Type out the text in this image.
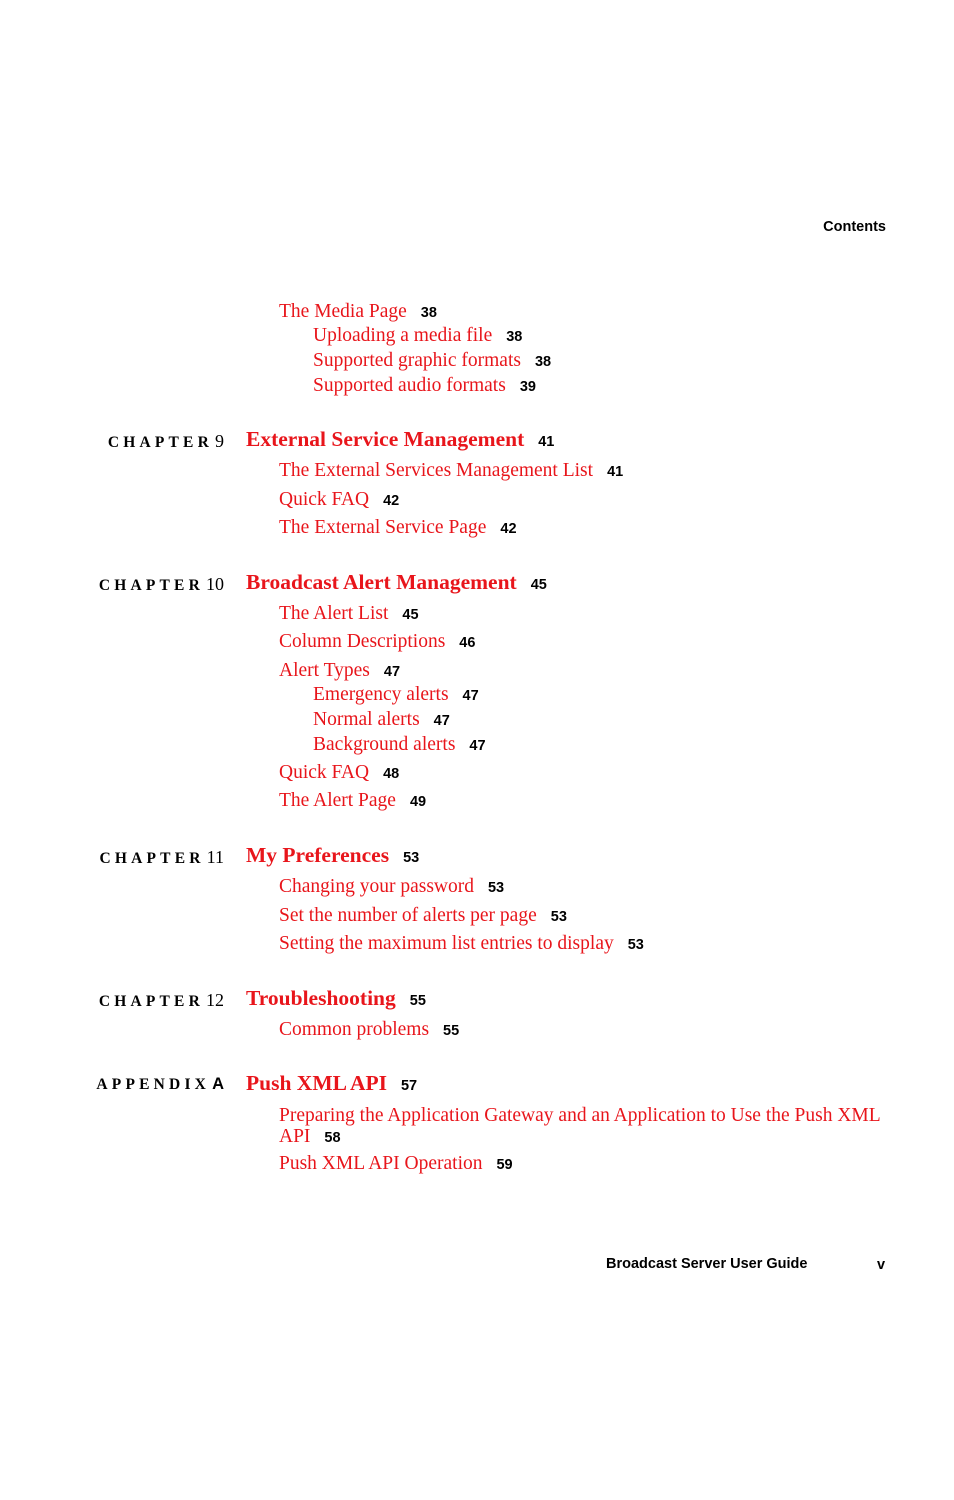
Contents
The Media Page 38
Uploading a media file 38
Supported graphic formats 38
Supported audio formats 39
CHAPTER 9 External Service Management 41
The External Services Management List 41
Quick FAQ 42
The External Service Page 42
CHAPTER 10 Broadcast Alert Management 45
The Alert List 45
Column Descriptions 46
Alert Types 47
Emergency alerts 47
Normal alerts 47
Background alerts 47
Quick FAQ 48
The Alert Page 49
CHAPTER 11 My Preferences 53
Changing your password 53
Set the number of alerts per page 53
Setting the maximum list entries to display 53
CHAPTER 12 Troubleshooting 55
Common problems 55
APPENDIX A Push XML API 57
Preparing the Application Gateway and an Application to Use the Push XML API 58
Push XML API Operation 59
Broadcast Server User Guide	v
